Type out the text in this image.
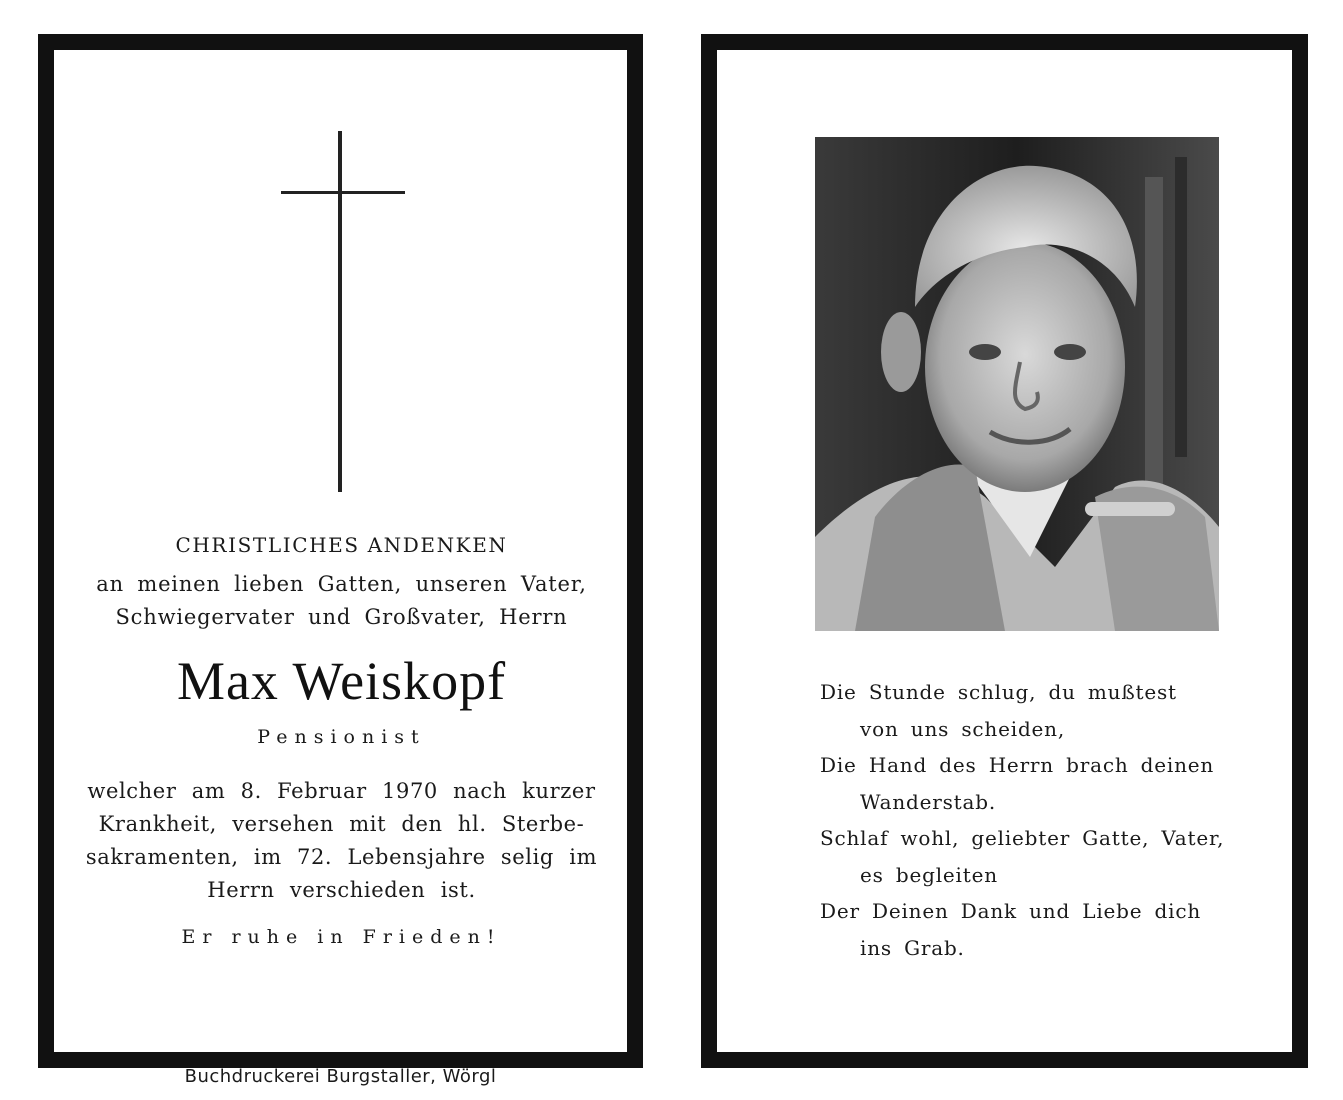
CHRISTLICHES ANDENKEN

an meinen lieben Gatten, unseren Vater,
Schwiegervater und Großvater, Herrn

Max Weiskopf

Pensionist

welcher am 8. Februar 1970 nach kurzer
Krankheit, versehen mit den hl. Sterbe-
sakramenten, im 72. Lebensjahre selig im
Herrn verschieden ist.

Er ruhe in Frieden!

Buchdruckerei Burgstaller, Wörgl

Die Stunde schlug, du mußtest
von uns scheiden,
Die Hand des Herrn brach deinen
Wanderstab.
Schlaf wohl, geliebter Gatte, Vater,
es begleiten
Der Deinen Dank und Liebe dich
ins Grab.
